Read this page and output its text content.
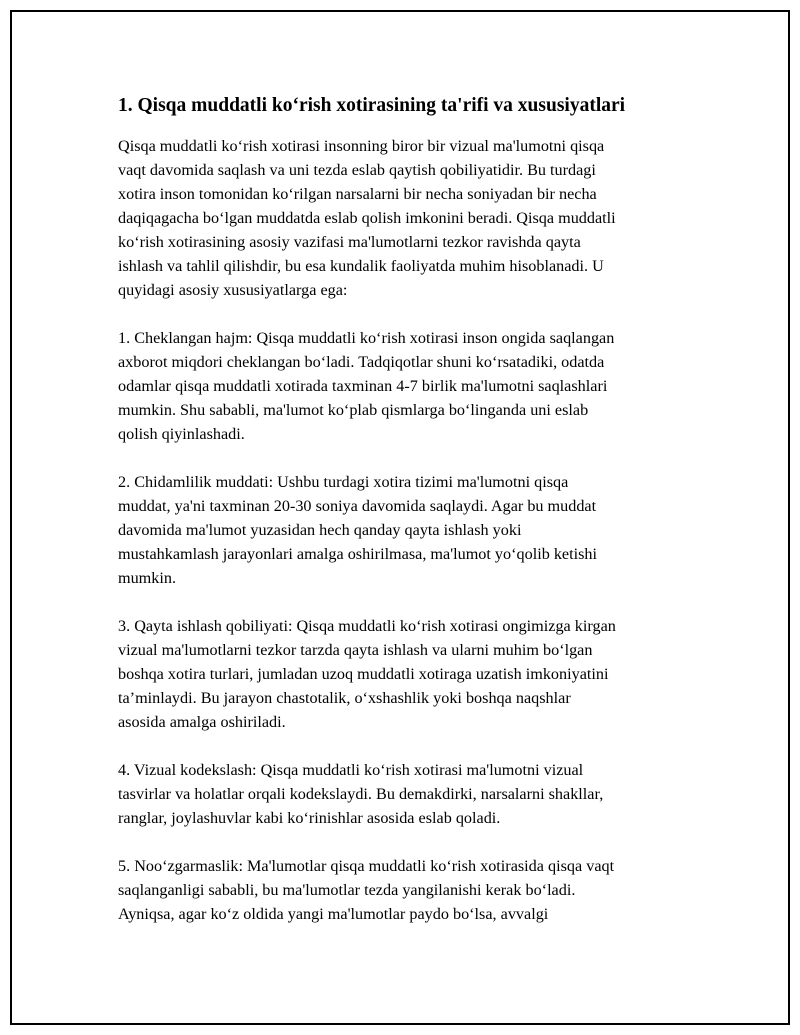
1. Qisqa muddatli ko‘rish xotirasining ta'rifi va xususiyatlari
Qisqa muddatli ko‘rish xotirasi insonning biror bir vizual ma'lumotni qisqa
vaqt davomida saqlash va uni tezda eslab qaytish qobiliyatidir. Bu turdagi
xotira inson tomonidan ko‘rilgan narsalarni bir necha soniyadan bir necha
daqiqagacha bo‘lgan muddatda eslab qolish imkonini beradi. Qisqa muddatli
ko‘rish xotirasining asosiy vazifasi ma'lumotlarni tezkor ravishda qayta
ishlash va tahlil qilishdir, bu esa kundalik faoliyatda muhim hisoblanadi. U
quyidagi asosiy xususiyatlarga ega:
1. Cheklangan hajm: Qisqa muddatli ko‘rish xotirasi inson ongida saqlangan
axborot miqdori cheklangan bo‘ladi. Tadqiqotlar shuni ko‘rsatadiki, odatda
odamlar qisqa muddatli xotirada taxminan 4-7 birlik ma'lumotni saqlashlari
mumkin. Shu sababli, ma'lumot ko‘plab qismlarga bo‘linganda uni eslab
qolish qiyinlashadi.
2. Chidamlilik muddati: Ushbu turdagi xotira tizimi ma'lumotni qisqa
muddat, ya'ni taxminan 20-30 soniya davomida saqlaydi. Agar bu muddat
davomida ma'lumot yuzasidan hech qanday qayta ishlash yoki
mustahkamlash jarayonlari amalga oshirilmasa, ma'lumot yo‘qolib ketishi
mumkin.
3. Qayta ishlash qobiliyati: Qisqa muddatli ko‘rish xotirasi ongimizga kirgan
vizual ma'lumotlarni tezkor tarzda qayta ishlash va ularni muhim bo‘lgan
boshqa xotira turlari, jumladan uzoq muddatli xotiraga uzatish imkoniyatini
ta’minlaydi. Bu jarayon chastotalik, o‘xshashlik yoki boshqa naqshlar
asosida amalga oshiriladi.
4. Vizual kodekslash: Qisqa muddatli ko‘rish xotirasi ma'lumotni vizual
tasvirlar va holatlar orqali kodekslaydi. Bu demakdirki, narsalarni shakllar,
ranglar, joylashuvlar kabi ko‘rinishlar asosida eslab qoladi.
5. Noo‘zgarmaslik: Ma'lumotlar qisqa muddatli ko‘rish xotirasida qisqa vaqt
saqlanganligi sababli, bu ma'lumotlar tezda yangilanishi kerak bo‘ladi.
Ayniqsa, agar ko‘z oldida yangi ma'lumotlar paydo bo‘lsa, avvalgi
